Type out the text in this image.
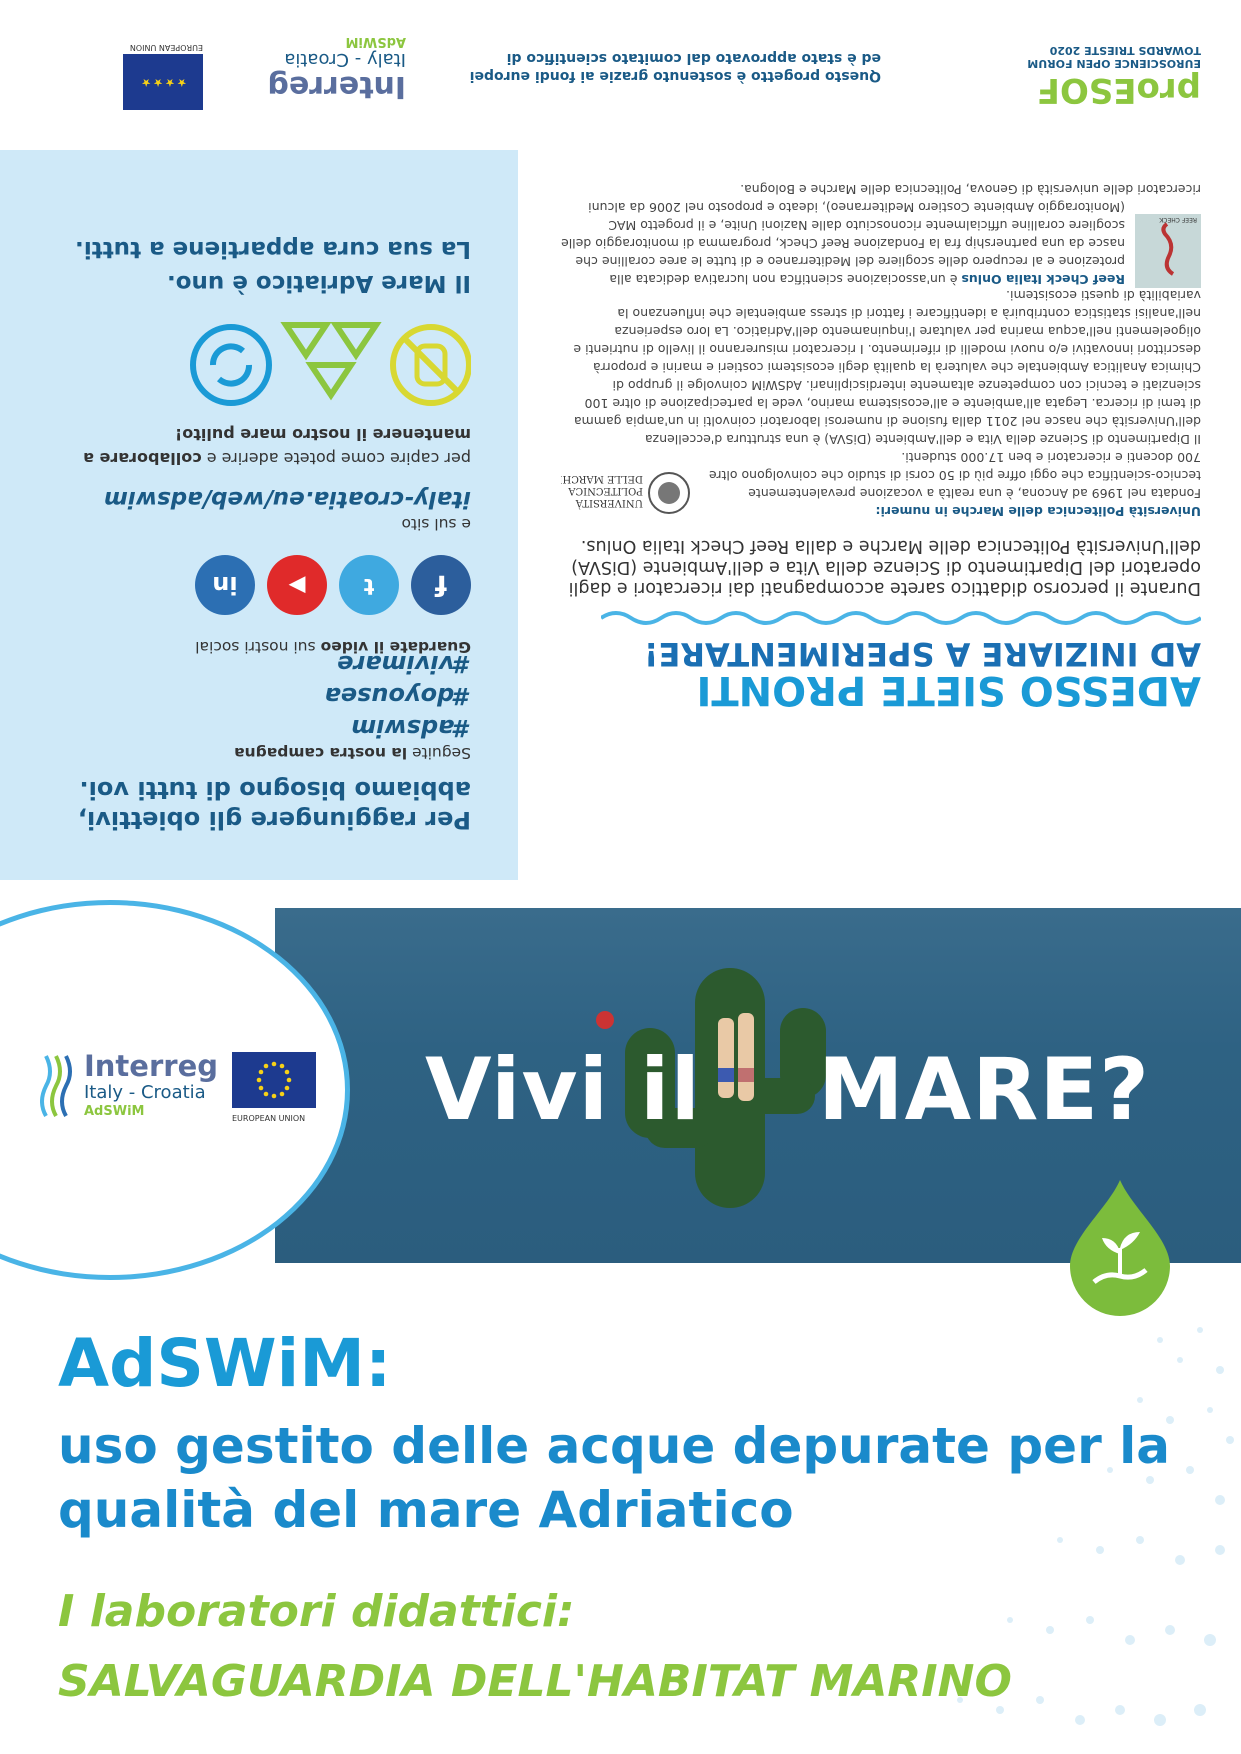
ADESSO SIETE PRONTI
AD INIZIARE A SPERIMENTARE!
Durante il percorso didattico sarete accompagnati dai ricercatori e dagli operatori del Dipartimento di Scienze della Vita e dell'Ambiente (DiSVA) dell'Università Politecnica delle Marche e dalla Reef Check Italia Onlus.
UNIVERSITÀ
POLITECNICA
DELLE MARCHE
Università Politecnica delle Marche in numeri:
Fondata nel 1969 ad Ancona, è una realtà a vocazione prevalentemente tecnico-scientifica che oggi offre più di 50 corsi di studio che coinvolgono oltre 700 docenti e ricercatori e ben 17.000 studenti.
Il Dipartimento di Scienze della Vita e dell'Ambiente (DiSVA) è una struttura d'eccellenza dell'Università che nasce nel 2011 dalla fusione di numerosi laboratori coinvolti in un'ampia gamma di temi di ricerca. Legata all'ambiente e all'ecosistema marino, vede la partecipazione di oltre 100 scienziati e tecnici con competenze altamente interdisciplinari. AdSWiM coinvolge il gruppo di Chimica Analitica Ambientale che valuterà la qualità degli ecosistemi costieri e marini e proporrà descrittori innovativi e/o nuovi modelli di riferimento. I ricercatori misureranno il livello di nutrienti e oligoelementi nell'acqua marina per valutare l'inquinamento dell'Adriatico. La loro esperienza nell'analisi statistica contribuirà a identificare i fattori di stress ambientale che influenzano la variabilità di questi ecosistemi.
REEF CHECK
Reef Check Italia Onlus è un'associazione scientifica non lucrativa dedicata alla protezione e al recupero delle scogliere del Mediterraneo e di tutte le aree coralline che nasce da una partnership fra la Fondazione Reef Check, programma di monitoraggio delle scogliere coralline ufficialmente riconosciuto dalle Nazioni Unite, e il progetto MAC (Monitoraggio Ambiente Costiero Mediterraneo), ideato e proposto nel 2006 da alcuni ricercatori delle università di Genova, Politecnica delle Marche e Bologna.
Per raggiungere gli obiettivi, abbiamo bisogno di tutti voi.
Seguite la nostra campagna
#adswim
#doyousea
#vivimare
Guardate il video sui nostri social
f
t
▶
in
e sul sito
italy-croatia.eu/web/adswim
per capire come potete aderire e collaborare a mantenere il nostro mare pulito!
Il Mare Adriatico è uno.
La sua cura appartiene a tutti.
Interreg
Italy - Croatia
AdSWiM
★★★★
EUROPEAN UNION
Questo progetto è sostenuto grazie ai fondi europei ed è stato approvato dal comitato scientifico di
proESOF
EUROSCIENCE OPEN FORUM
TOWARDS TRIESTE 2020
Vivi il MARE?
Interreg
Italy - Croatia
AdSWiM	EUROPEAN UNION
AdSWiM:
uso gestito delle acque depurate per la qualità del mare Adriatico
I laboratori didattici:
SALVAGUARDIA DELL'HABITAT MARINO
